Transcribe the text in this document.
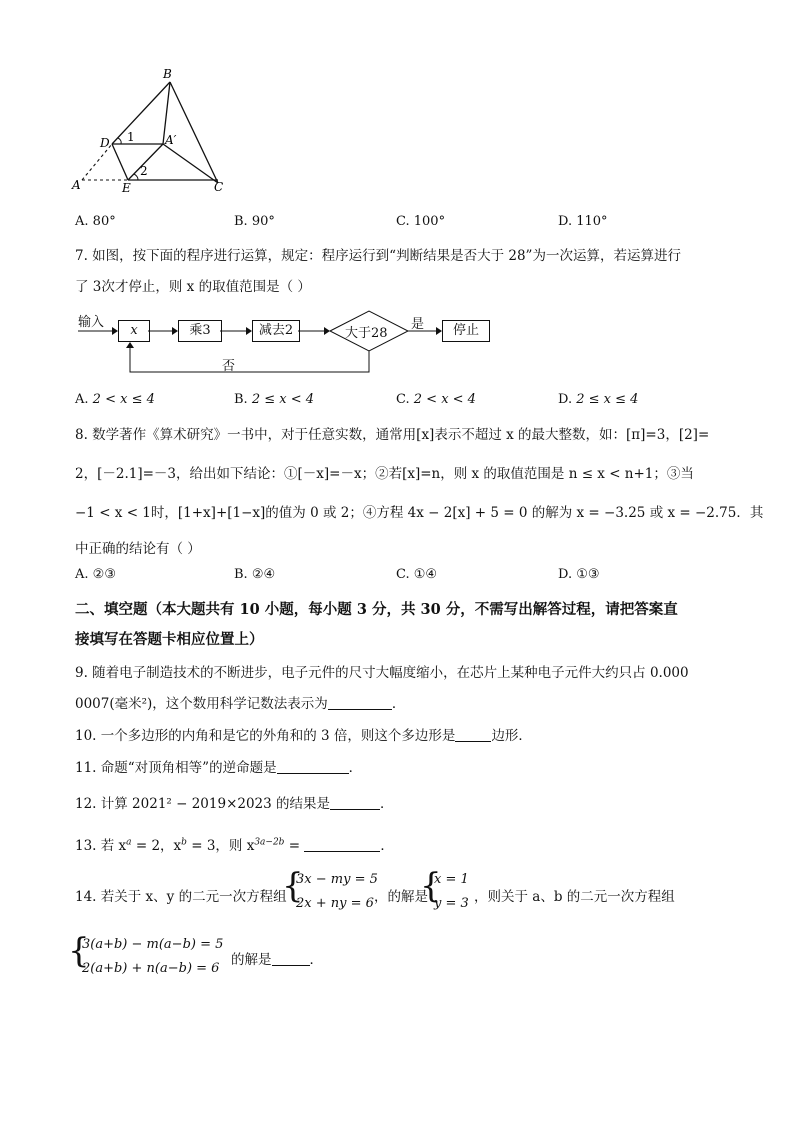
B
D	A′
1
2
A	E	C
A. 80°	B. 90°	C. 100°	D. 110°
7. 如图，按下面的程序进行运算，规定：程序运行到“判断结果是否大于 28”为一次运算，若运算进行
了 3次才停止，则 x 的取值范围是（ ）
输入
x	乘3	减去2	大于28
是	停止
否
A. 2 < x ≤ 4	B. 2 ≤ x < 4	C. 2 < x < 4	D. 2 ≤ x ≤ 4
8. 数学著作《算术研究》一书中，对于任意实数，通常用[x]表示不超过 x 的最大整数，如：[π]=3，[2]=
2，[－2.1]=－3，给出如下结论：①[－x]=－x；②若[x]=n，则 x 的取值范围是 n ≤ x < n+1；③当
−1 < x < 1时，[1+x]+[1−x]的值为 0 或 2；④方程 4x − 2[x] + 5 = 0 的解为 x = −3.25 或 x = −2.75．其
中正确的结论有（ ）
A. ②③	B. ②④	C. ①④	D. ①③
二、填空题（本大题共有 10 小题，每小题 3 分，共 30 分，不需写出解答过程，请把答案直
接填写在答题卡相应位置上）
9. 随着电子制造技术的不断进步，电子元件的尺寸大幅度缩小，在芯片上某种电子元件大约只占 0.000
0007(毫米²)，这个数用科学记数法表示为	．
10. 一个多边形的内角和是它的外角和的 3 倍，则这个多边形是	边形．
11. 命题“对顶角相等”的逆命题是	．
12. 计算 2021² − 2019×2023 的结果是	．
13. 若 $x^a = 2$，$x^b = 3$，则 $x^{3a-2b}$ =	．
14. 若关于 x、y 的二元一次方程组
{
3x − my = 5
2x + ny = 6 ，的解是
{
x = 1
y = 3 ，则关于 a、b 的二元一次方程组
{
3(a+b) − m(a−b) = 5
2(a+b) + n(a−b) = 6
的解是	．
